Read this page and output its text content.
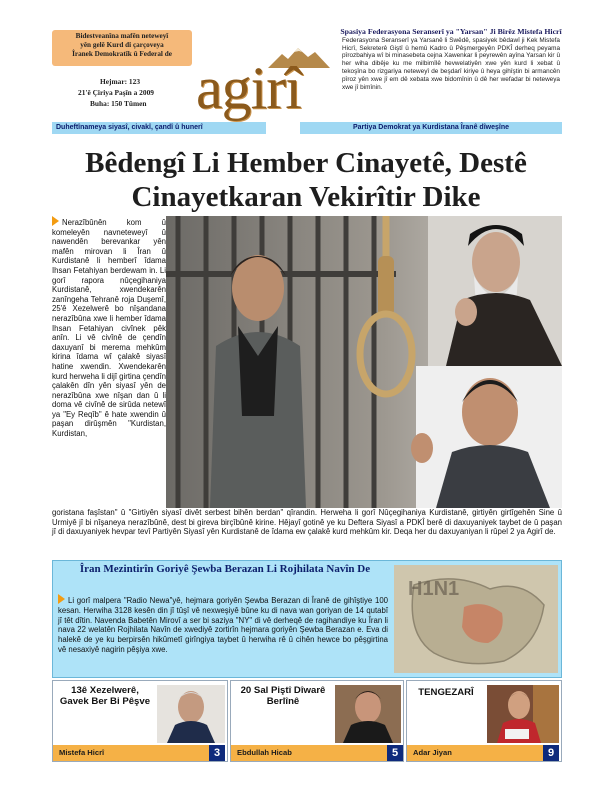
Bidestveanîna mafên neteweyî
yên gelê Kurd di çarçoveya
Îranek Demokratîk û Federal de
Hejmar: 123
21'ê Çiriya Paşîn a 2009
Buha: 150 Tûmen agirî
Spasiya Federasyona Seranserî ya "Yarsan" Ji Birêz Mistefa Hicrî
Federasyona Seranserî ya Yarsanê li Swêdê, spasiyek bêdawî ji Kek Mistefa Hicrî, Sekreterê Giştî û hemû Kadro û Pêşmergeyên PDKÎ derheq peyama pîrozbahiya wî bi minasebeta cejna Xawenkar li peyrewên ayîna Yarsan kir û her wiha dibêje ku me milbimîlê hevwelatiyên xwe yên kurd li xebat û tekoşîna bo rizgariya neteweyî de beşdarî kiriye û heya gihîştin bi armancên pîroz yên xwe jî em dê xebata xwe bidomînin û dê her wefadar bi neteweya xwe jî bimînin.
Duheftînameya siyasî, civakî, çandî û hunerî	Partiya Demokrat ya Kurdistana Îranê dîweşîne
Bêdengî Li Hember Cinayetê, Destê Cinayetkaran Vekirîtir Dike
Nerazîbûnên kom û komeleyên navneteweyî û nawendên berevankar yên mafên mirovan li Îran û Kurdistanê li hemberî îdama Ihsan Fetahiyan berdewam in. Li gorî rapora nûçegihaniya Kurdistanê, xwendekarên zanîngeha Tehranê roja Duşemî, 25'ê Xezelwerê bo nîşandana nerazîbûna xwe li hember îdama Ihsan Fetahiyan civînek pêk anîn. Li vê civînê de çendîn daxuyanî bi merema mehkûm kirina îdama wî çalakê siyasî hatine xwendin. Xwendekarên kurd herweha li dijî girtina çendîn çalakên dîn yên siyasî yên de nerazîbûna xwe nîşan dan û li doma vê civînê de sirûda netewî ya "Ey Reqîb" ê hate xwendin û paşan dirûşmên "Kurdistan, Kurdistan,
goristana faşîstan" û "Girtiyên siyasî divêt serbest bihên berdan" qîrandin. Herweha li gorî Nûçegihaniya Kurdistanê, girtiyên girtîgehên Sine û Urmiyê jî bi nîşaneya nerazîbûnê, dest bi gireva birçîbûnê kirine. Hêjayî gotinê ye ku Deftera Siyasî a PDKÎ berê di daxuyaniyek taybet de û paşan jî di daxuyaniyek hevpar tevî Partiyên Siyasî yên Kurdistanê de îdama ew çalakê kurd mehkûm kir. Deqa her du daxuyaniyan li rûpel 2 ya Agirî de.
Îran Mezintirîn Goriyê Şewba Berazan Li Rojhilata Navîn De
Li gorî malpera "Radio Newa"yê, hejmara goriyên Şewba Berazan di Îranê de gihîştiye 100 kesan. Herwiha 3128 kesên din jî tûşî vê nexweşiyê bûne ku di nava wan goriyan de 14 qutabî jî têt dîtin. Navenda Babetên Mirovî a ser bi saziya "NY" di vê derheqê de ragihandiye ku Îran li nava 22 welatên Rojhilata Navîn de xwediyê zortirîn hejmara goriyên Şewba Berazan e. Eva di halekê de ye ku berpirsên hikûmetî girîngiya taybet û herwiha rê û cihên hewce bo pêşgirtina vê nesaxiyê nagirin pêşiya xwe.
H1N1
13ê Xezelwerê, Gavek Ber Bi Pêşve
Mistefa Hicrî	3
20 Sal Piştî Dîwarê Berlînê
Ebdullah Hicab	5
TENGEZARÎ
Adar Jiyan	9
